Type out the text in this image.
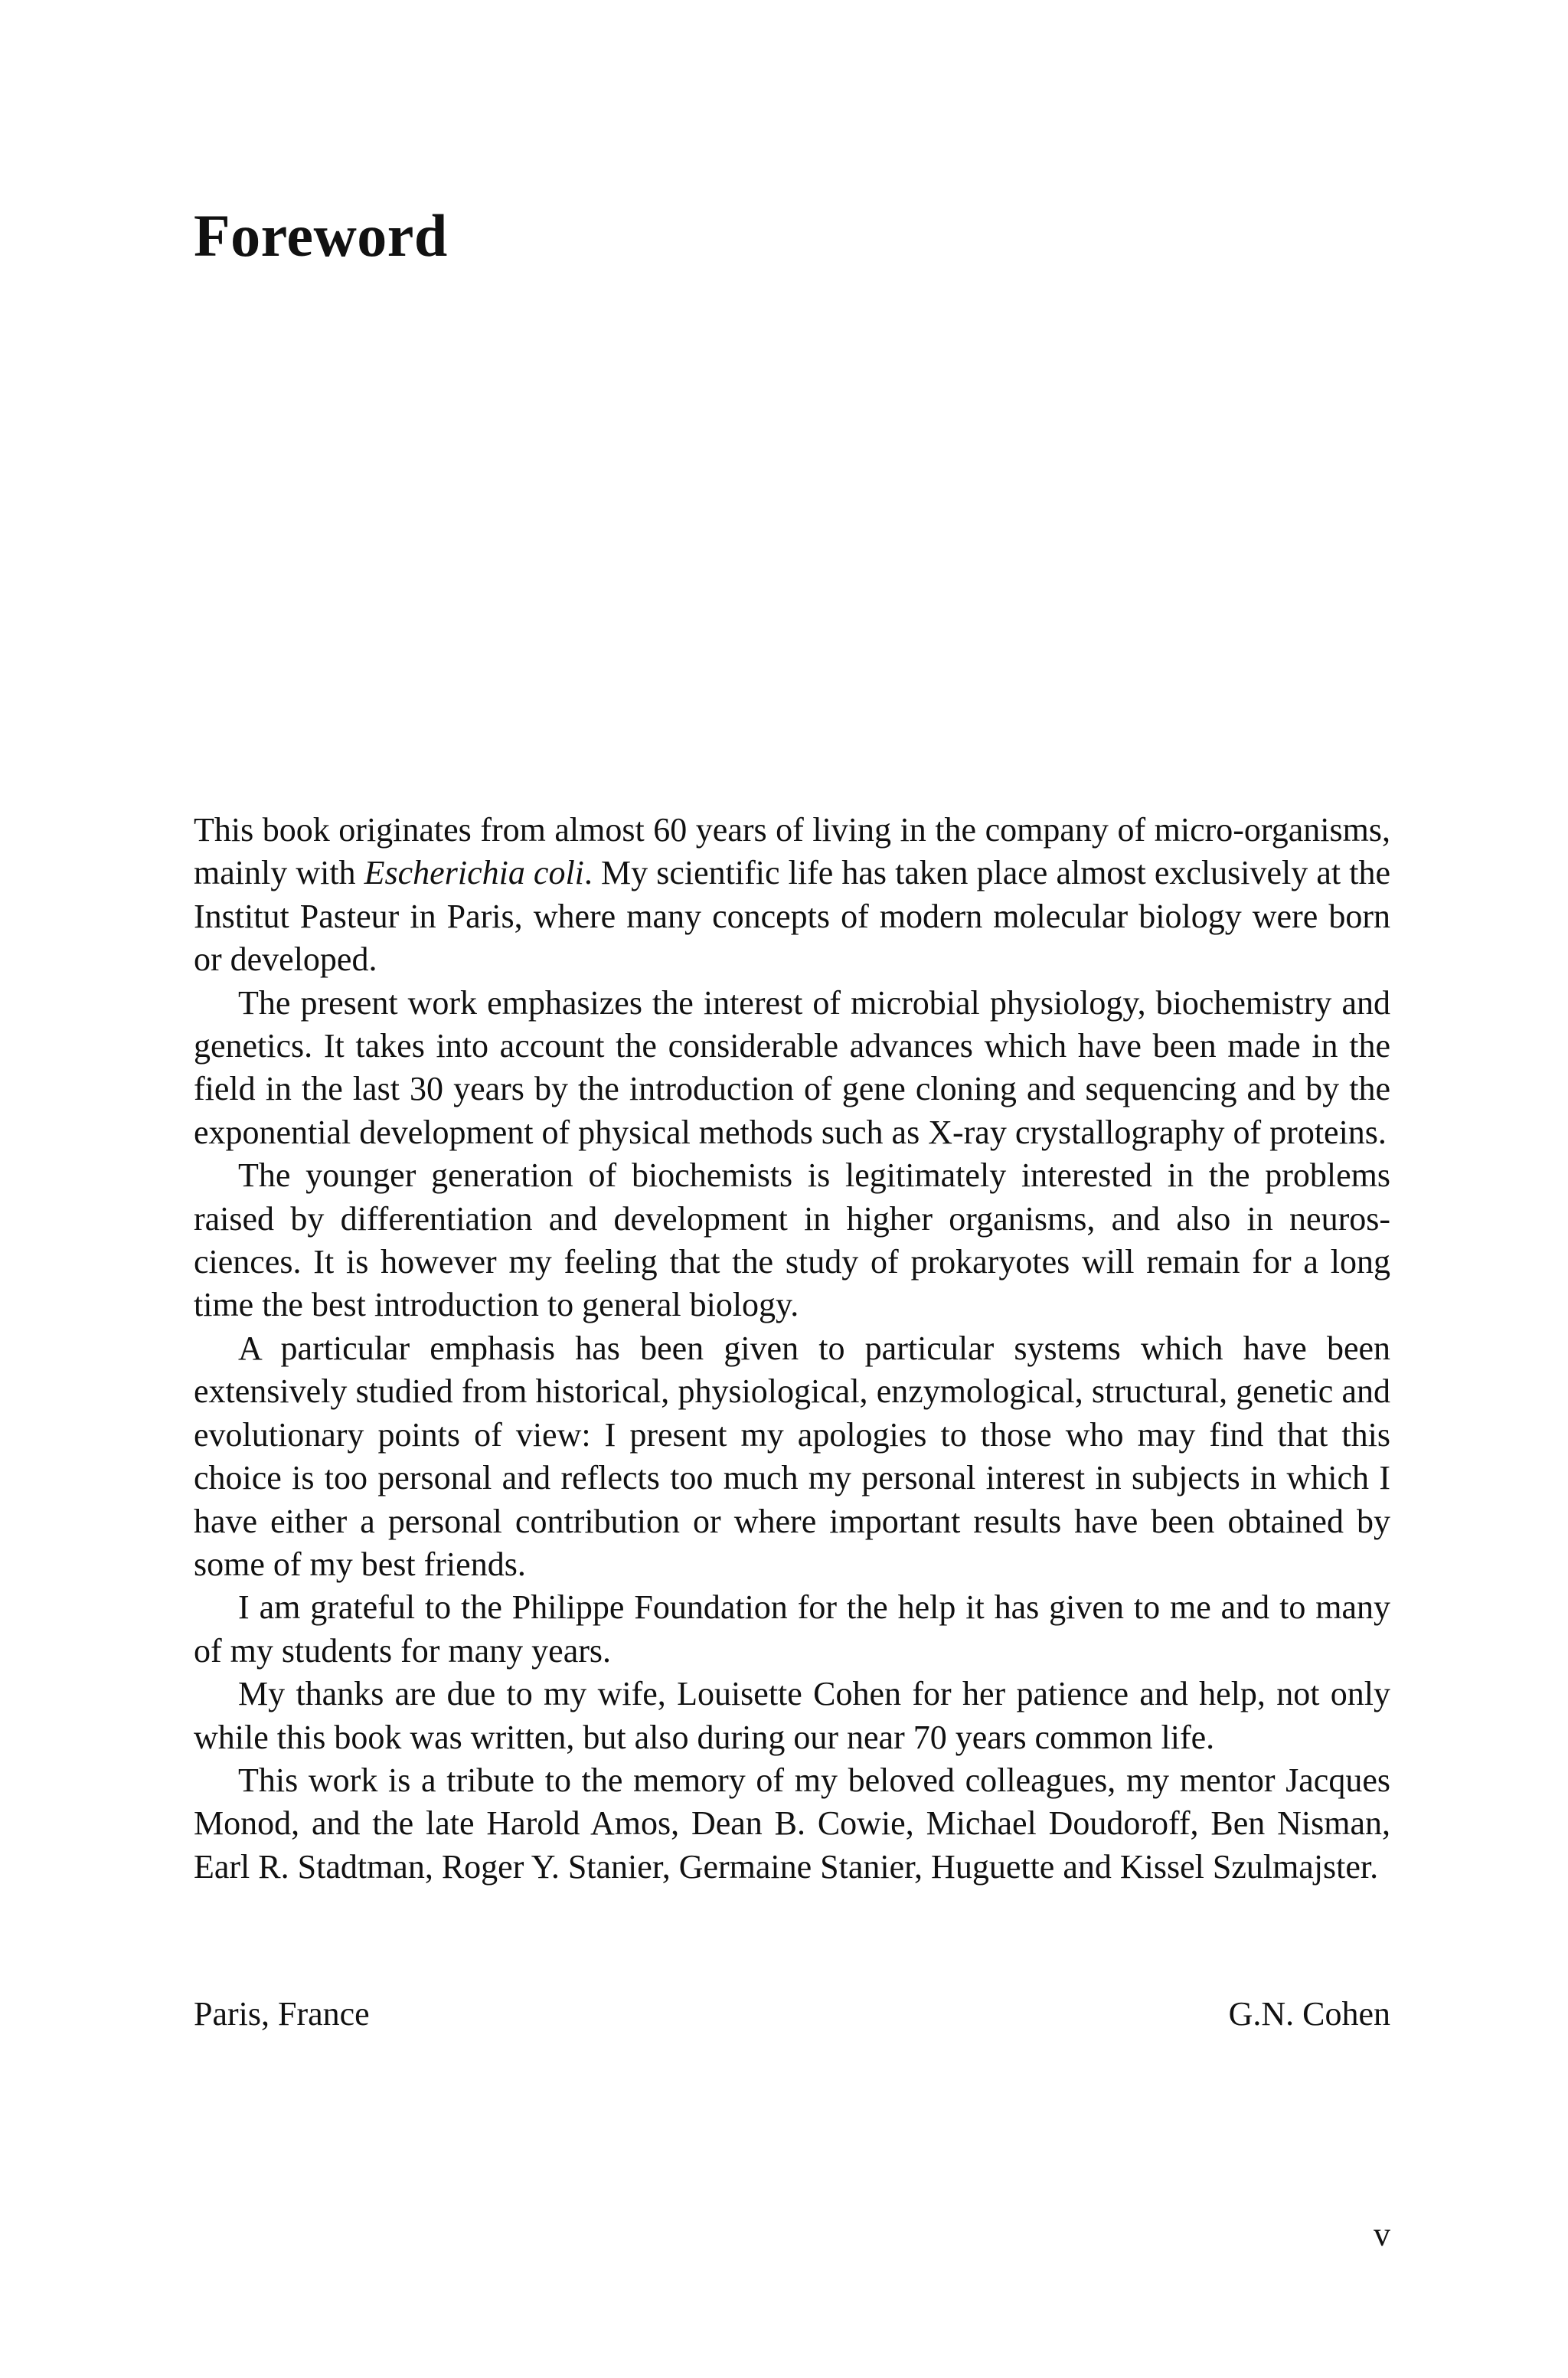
Foreword

This book originates from almost 60 years of living in the company of micro-organisms, mainly with Escherichia coli. My scientific life has taken place almost exclusively at the Institut Pasteur in Paris, where many concepts of modern molecular biology were born or developed.

The present work emphasizes the interest of microbial physiology, biochemistry and genetics. It takes into account the considerable advances which have been made in the field in the last 30 years by the introduction of gene cloning and sequencing and by the exponential development of physical methods such as X-ray crystallography of proteins.

The younger generation of biochemists is legitimately interested in the problems raised by differentiation and development in higher organisms, and also in neurosciences. It is however my feeling that the study of prokaryotes will remain for a long time the best introduction to general biology.

A particular emphasis has been given to particular systems which have been extensively studied from historical, physiological, enzymological, structural, genetic and evolutionary points of view: I present my apologies to those who may find that this choice is too personal and reflects too much my personal interest in subjects in which I have either a personal contribution or where important results have been obtained by some of my best friends.

I am grateful to the Philippe Foundation for the help it has given to me and to many of my students for many years.

My thanks are due to my wife, Louisette Cohen for her patience and help, not only while this book was written, but also during our near 70 years common life.

This work is a tribute to the memory of my beloved colleagues, my mentor Jacques Monod, and the late Harold Amos, Dean B. Cowie, Michael Doudoroff, Ben Nisman, Earl R. Stadtman, Roger Y. Stanier, Germaine Stanier, Huguette and Kissel Szulmajster.

Paris, France	G.N. Cohen
v
